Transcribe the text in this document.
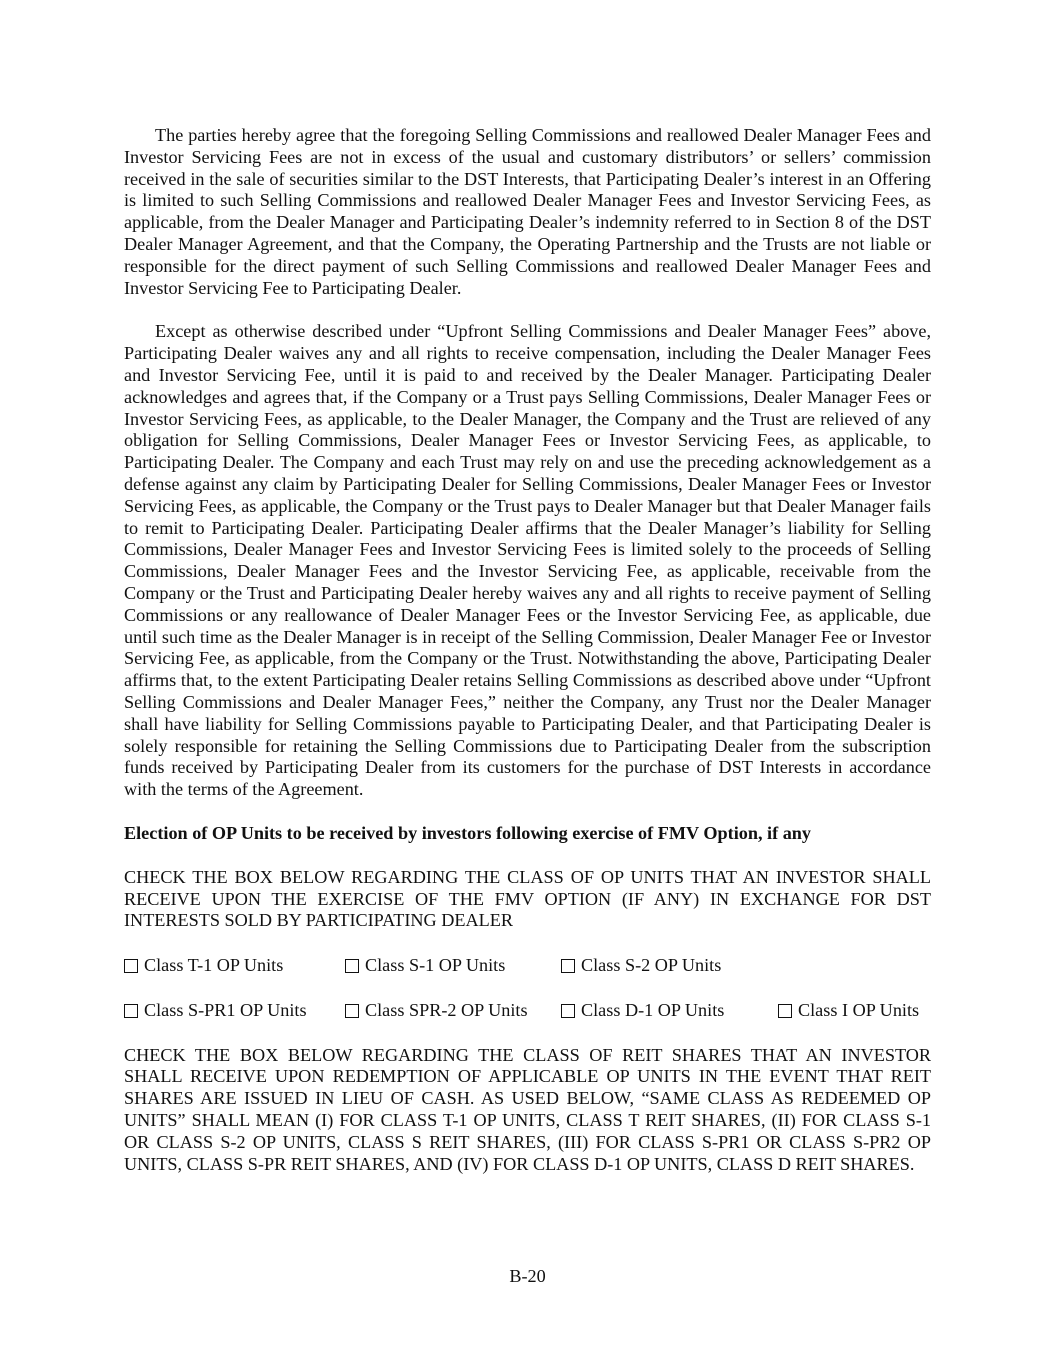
The parties hereby agree that the foregoing Selling Commissions and reallowed Dealer Manager Fees and Investor Servicing Fees are not in excess of the usual and customary distributors’ or sellers’ commission received in the sale of securities similar to the DST Interests, that Participating Dealer’s interest in an Offering is limited to such Selling Commissions and reallowed Dealer Manager Fees and Investor Servicing Fees, as applicable, from the Dealer Manager and Participating Dealer’s indemnity referred to in Section 8 of the DST Dealer Manager Agreement, and that the Company, the Operating Partnership and the Trusts are not liable or responsible for the direct payment of such Selling Commissions and reallowed Dealer Manager Fees and Investor Servicing Fee to Participating Dealer.

Except as otherwise described under “Upfront Selling Commissions and Dealer Manager Fees” above, Participating Dealer waives any and all rights to receive compensation, including the Dealer Manager Fees and Investor Servicing Fee, until it is paid to and received by the Dealer Manager. Participating Dealer acknowledges and agrees that, if the Company or a Trust pays Selling Commissions, Dealer Manager Fees or Investor Servicing Fees, as applicable, to the Dealer Manager, the Company and the Trust are relieved of any obligation for Selling Commissions, Dealer Manager Fees or Investor Servicing Fees, as applicable, to Participating Dealer. The Company and each Trust may rely on and use the preceding acknowledgement as a defense against any claim by Participating Dealer for Selling Commissions, Dealer Manager Fees or Investor Servicing Fees, as applicable, the Company or the Trust pays to Dealer Manager but that Dealer Manager fails to remit to Participating Dealer. Participating Dealer affirms that the Dealer Manager’s liability for Selling Commissions, Dealer Manager Fees and Investor Servicing Fees is limited solely to the proceeds of Selling Commissions, Dealer Manager Fees and the Investor Servicing Fee, as applicable, receivable from the Company or the Trust and Participating Dealer hereby waives any and all rights to receive payment of Selling Commissions or any reallowance of Dealer Manager Fees or the Investor Servicing Fee, as applicable, due until such time as the Dealer Manager is in receipt of the Selling Commission, Dealer Manager Fee or Investor Servicing Fee, as applicable, from the Company or the Trust. Notwithstanding the above, Participating Dealer affirms that, to the extent Participating Dealer retains Selling Commissions as described above under “Upfront Selling Commissions and Dealer Manager Fees,” neither the Company, any Trust nor the Dealer Manager shall have liability for Selling Commissions payable to Participating Dealer, and that Participating Dealer is solely responsible for retaining the Selling Commissions due to Participating Dealer from the subscription funds received by Participating Dealer from its customers for the purchase of DST Interests in accordance with the terms of the Agreement.

Election of OP Units to be received by investors following exercise of FMV Option, if any

CHECK THE BOX BELOW REGARDING THE CLASS OF OP UNITS THAT AN INVESTOR SHALL RECEIVE UPON THE EXERCISE OF THE FMV OPTION (IF ANY) IN EXCHANGE FOR DST INTERESTS SOLD BY PARTICIPATING DEALER

Class T-1 OP Units	Class S-1 OP Units	Class S-2 OP Units
Class S-PR1 OP Units	Class SPR-2 OP Units	Class D-1 OP Units	Class I OP Units

CHECK THE BOX BELOW REGARDING THE CLASS OF REIT SHARES THAT AN INVESTOR SHALL RECEIVE UPON REDEMPTION OF APPLICABLE OP UNITS IN THE EVENT THAT REIT SHARES ARE ISSUED IN LIEU OF CASH. AS USED BELOW, “SAME CLASS AS REDEEMED OP UNITS” SHALL MEAN (I) FOR CLASS T-1 OP UNITS, CLASS T REIT SHARES, (II) FOR CLASS S-1 OR CLASS S-2 OP UNITS, CLASS S REIT SHARES, (III) FOR CLASS S-PR1 OR CLASS S-PR2 OP UNITS, CLASS S-PR REIT SHARES, AND (IV) FOR CLASS D-1 OP UNITS, CLASS D REIT SHARES.

B-20
